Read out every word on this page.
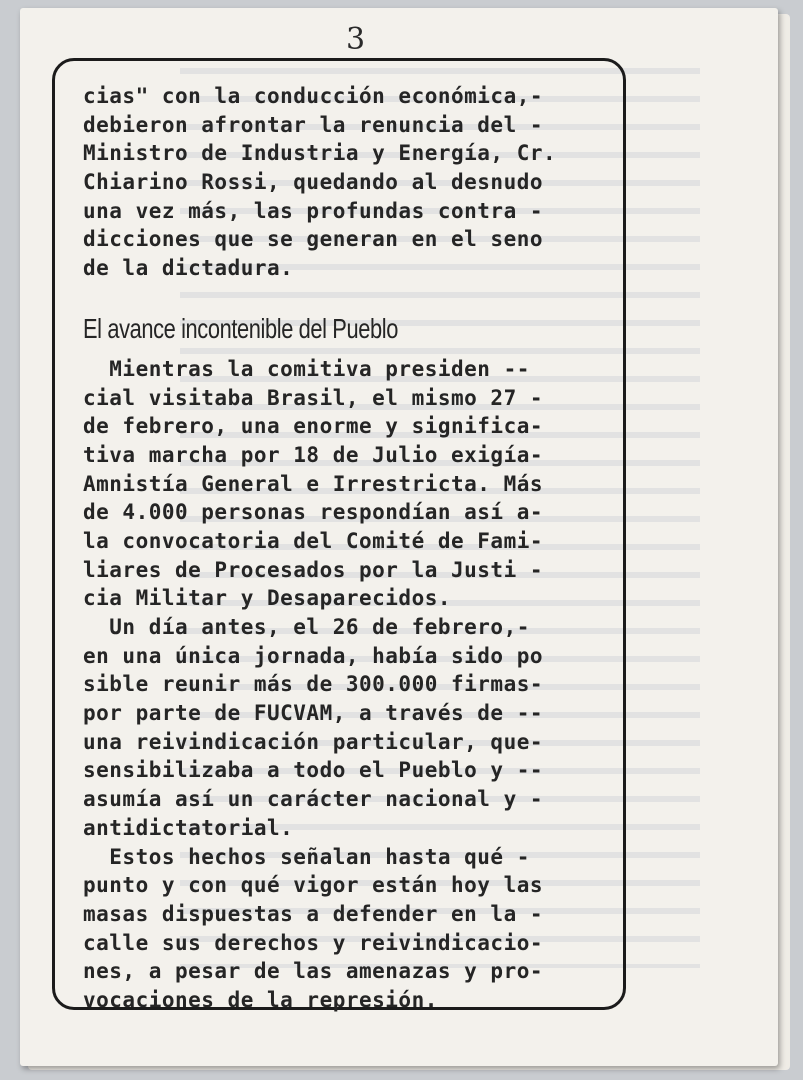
3
cias" con la conducción económica,-
debieron afrontar la renuncia del -
Ministro de Industria y Energía, Cr.
Chiarino Rossi, quedando al desnudo
una vez más, las profundas contra -
dicciones que se generan en el seno
de la dictadura.
El avance incontenible del Pueblo
Mientras la comitiva presiden --
cial visitaba Brasil, el mismo 27 -
de febrero, una enorme y significa-
tiva marcha por 18 de Julio exigía-
Amnistía General e Irrestricta. Más
de 4.000 personas respondían así a-
la convocatoria del Comité de Fami-
liares de Procesados por la Justi -
cia Militar y Desaparecidos.
Un día antes, el 26 de febrero,-
en una única jornada, había sido po
sible reunir más de 300.000 firmas-
por parte de FUCVAM, a través de --
una reivindicación particular, que-
sensibilizaba a todo el Pueblo y --
asumía así un carácter nacional y -
antidictatorial.
Estos hechos señalan hasta qué -
punto y con qué vigor están hoy las
masas dispuestas a defender en la -
calle sus derechos y reivindicacio-
nes, a pesar de las amenazas y pro-
vocaciones de la represión.
